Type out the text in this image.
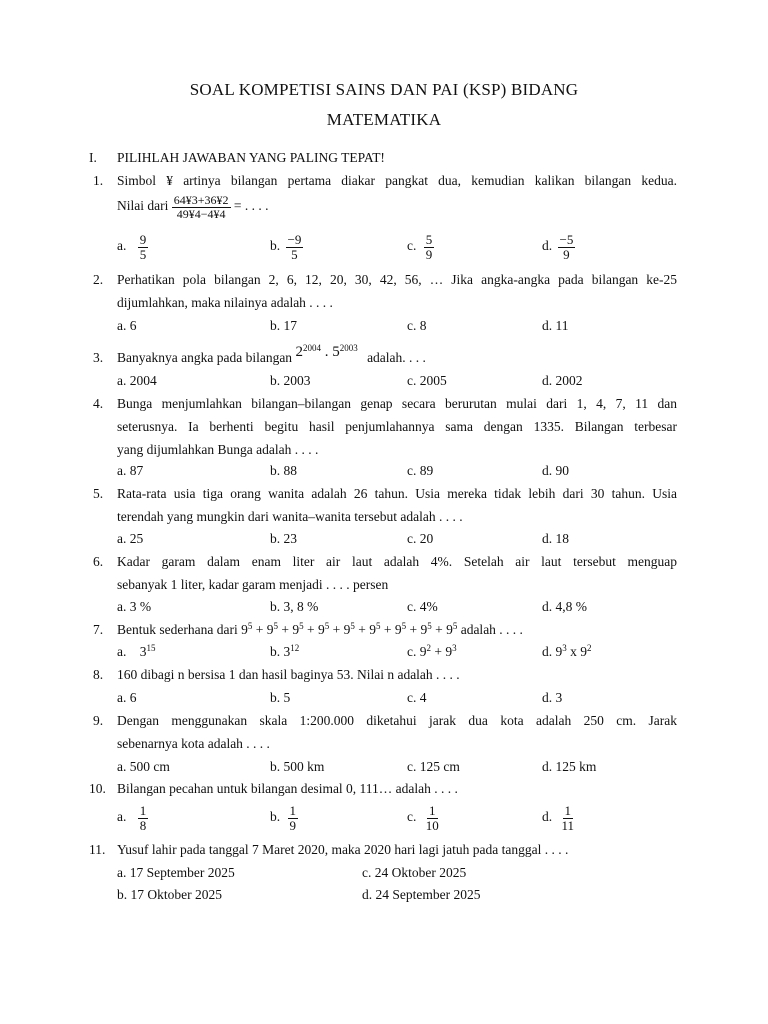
SOAL KOMPETISI SAINS DAN PAI (KSP) BIDANG
MATEMATIKA
I. PILIHLAH JAWABAN YANG PALING TEPAT!
1. Simbol ¥ artinya bilangan pertama diakar pangkat dua, kemudian kalikan bilangan kedua.
Nilai dari $\frac{64¥3+36¥2}{49¥4-4¥4}$ = . . . .
a. $\frac{9}{5}$	b. $\frac{-9}{5}$	c. $\frac{5}{9}$	d. $\frac{-5}{9}$
2. Perhatikan pola bilangan 2, 6, 12, 20, 30, 42, 56, … Jika angka-angka pada bilangan ke-25
dijumlahkan, maka nilainya adalah . . . .
a. 6	b. 17	c. 8	d. 11
3. Banyaknya angka pada bilangan $2^{2004}$ . $5^{2003}$ adalah. . . .
a. 2004	b. 2003	c. 2005	d. 2002
4. Bunga menjumlahkan bilangan–bilangan genap secara berurutan mulai dari 1, 4, 7, 11 dan
seterusnya. Ia berhenti begitu hasil penjumlahannya sama dengan 1335. Bilangan terbesar
yang dijumlahkan Bunga adalah . . . .
a. 87	b. 88	c. 89	d. 90
5. Rata-rata usia tiga orang wanita adalah 26 tahun. Usia mereka tidak lebih dari 30 tahun. Usia
terendah yang mungkin dari wanita–wanita tersebut adalah . . . .
a. 25	b. 23	c. 20	d. 18
6. Kadar garam dalam enam liter air laut adalah 4%. Setelah air laut tersebut menguap
sebanyak 1 liter, kadar garam menjadi . . . . persen
a. 3 %	b. 3, 8 %	c. 4%	d. 4,8 %
7. Bentuk sederhana dari $9^5 + 9^5 + 9^5 + 9^5 + 9^5 + 9^5 + 9^5 + 9^5 + 9^5$ adalah . . . .
a. $3^{15}$	b. $3^{12}$	c. $9^2 + 9^3$	d. $9^3$ x $9^2$
8. 160 dibagi n bersisa 1 dan hasil baginya 53. Nilai n adalah . . . .
a. 6	b. 5	c. 4	d. 3
9. Dengan menggunakan skala 1:200.000 diketahui jarak dua kota adalah 250 cm. Jarak
sebenarnya kota adalah . . . .
a. 500 cm	b. 500 km	c. 125 cm	d. 125 km
10. Bilangan pecahan untuk bilangan desimal 0, 111… adalah . . . .
a. $\frac{1}{8}$	b. $\frac{1}{9}$	c. $\frac{1}{10}$	d. $\frac{1}{11}$
11. Yusuf lahir pada tanggal 7 Maret 2020, maka 2020 hari lagi jatuh pada tanggal . . . .
a. 17 September 2025	c. 24 Oktober 2025
b. 17 Oktober 2025	d. 24 September 2025
